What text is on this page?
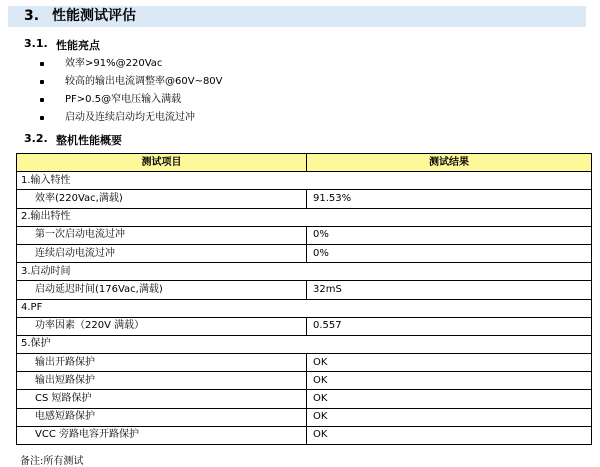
3. 性能测试评估
3.1. 性能亮点
效率>91%@220Vac
较高的输出电流调整率@60V~80V
PF>0.5@窄电压输入满载
启动及连续启动均无电流过冲
3.2. 整机性能概要
测试项目	测试结果
1.输入特性	
效率(220Vac,满载)	91.53%
2.输出特性	
第一次启动电流过冲	0%
连续启动电流过冲	0%
3.启动时间	
启动延迟时间(176Vac,满载)	32mS
4.PF	
功率因素（220V 满载）	0.557
5.保护	
输出开路保护	OK
输出短路保护	OK
CS 短路保护	OK
电感短路保护	OK
VCC 旁路电容开路保护	OK
备注:所有测试
